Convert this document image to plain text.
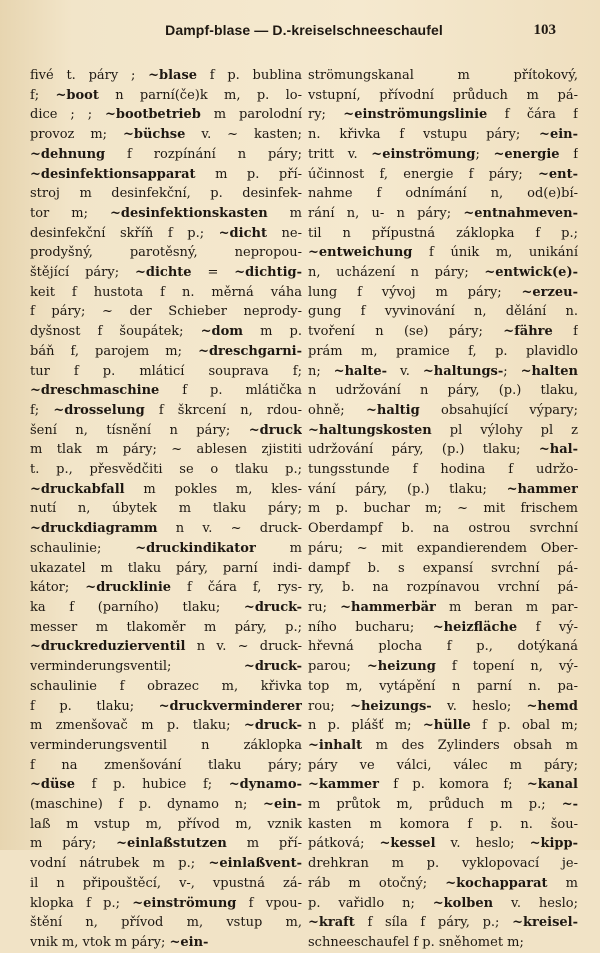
Dampf-blase — D.-kreiselschneeschaufel	103
fivé t. páry ; ~blase f p. bublina
f; ~boot n parní(če)k m, p. lo-
dice ; ; ~bootbetrieb m parolodní
provoz m; ~büchse v. ~ kasten;
~dehnung f rozpínání n páry;
~desinfektionsapparat m p. pří-
stroj m desinfekční, p. desinfek-
tor m; ~desinfektionskasten m
desinfekční skříň f p.; ~dicht ne-
prodyšný, parotěsný, nepropou-
štějící páry; ~dichte = ~dichtig-
keit f hustota f n. měrná váha
f páry; ~ der Schieber neprody-
dyšnost f šoupátek; ~dom m p.
báň f, parojem m; ~dreschgarni-
tur f p. mláticí souprava f;
~dreschmaschine f p. mlátička
f; ~drosselung f škrcení n, rdou-
šení n, tísnění n páry; ~druck
m tlak m páry; ~ ablesen zjistiti
t. p., přesvědčiti se o tlaku p.;
~druckabfall m pokles m, kles-
nutí n, úbytek m tlaku páry;
~druckdiagramm n v. ~ druck-
schaulinie; ~druckindikator m
ukazatel m tlaku páry, parní indi-
kátor; ~drucklinie f čára f, rys-
ka f (parního) tlaku; ~druck-
messer m tlakoměr m páry, p.;
~druckreduzierventil n v. ~ druck-
verminderungsventil; ~druck-
schaulinie f obrazec m, křivka
f p. tlaku; ~druckverminderer
m zmenšovač m p. tlaku; ~druck-
verminderungsventil n záklopka
f na zmenšování tlaku páry;
~düse f p. hubice f; ~dynamo-
(maschine) f p. dynamo n; ~ein-
laß m vstup m, přívod m, vznik
m páry; ~einlaßstutzen m pří-
vodní nátrubek m p.; ~einlaßvent-
il n připouštěcí, v-, vpustná zá-
klopka f p.; ~einströmung f vpou-
štění n, přívod m, vstup m,
vnik m, vtok m páry; ~ein-
strömungskanal m přítokový,
vstupní, přívodní průduch m pá-
ry; ~einströmungslinie f čára f
n. křivka f vstupu páry; ~ein-
tritt v. ~einströmung; ~energie f
účinnost f, energie f páry; ~ent-
nahme f odnímání n, od(e)bí-
rání n, u- n páry; ~entnahmeven-
til n přípustná záklopka f p.;
~entweichung f únik m, unikání
n, ucházení n páry; ~entwick(e)-
lung f vývoj m páry; ~erzeu-
gung f vyvinování n, dělání n.
tvoření n (se) páry; ~fähre f
prám m, pramice f, p. plavidlo
n; ~halte- v. ~haltungs-; ~halten
n udržování n páry, (p.) tlaku,
ohně; ~haltig obsahující výpary;
~haltungskosten pl výlohy pl z
udržování páry, (p.) tlaku; ~hal-
tungsstunde f hodina f udržo-
vání páry, (p.) tlaku; ~hammer
m p. buchar m; ~ mit frischem
Oberdampf b. na ostrou svrchní
páru; ~ mit expandierendem Ober-
dampf b. s expansí svrchní pá-
ry, b. na rozpínavou vrchní pá-
ru; ~hammerbär m beran m par-
ního bucharu; ~heizfläche f vý-
hřevná plocha f p., dotýkaná
parou; ~heizung f topení n, vý-
top m, vytápění n parní n. pa-
rou; ~heizungs- v. heslo; ~hemd
n p. plášť m; ~hülle f p. obal m;
~inhalt m des Zylinders obsah m
páry ve válci, válec m páry;
~kammer f p. komora f; ~kanal
m průtok m, průduch m p.; ~-
kasten m komora f p. n. šou-
pátková; ~kessel v. heslo; ~kipp-
drehkran m p. vyklopovací je-
ráb m otočný; ~kochapparat m
p. vařidlo n; ~kolben v. heslo;
~kraft f síla f páry, p.; ~kreisel-
schneeschaufel f p. sněhomet m;
